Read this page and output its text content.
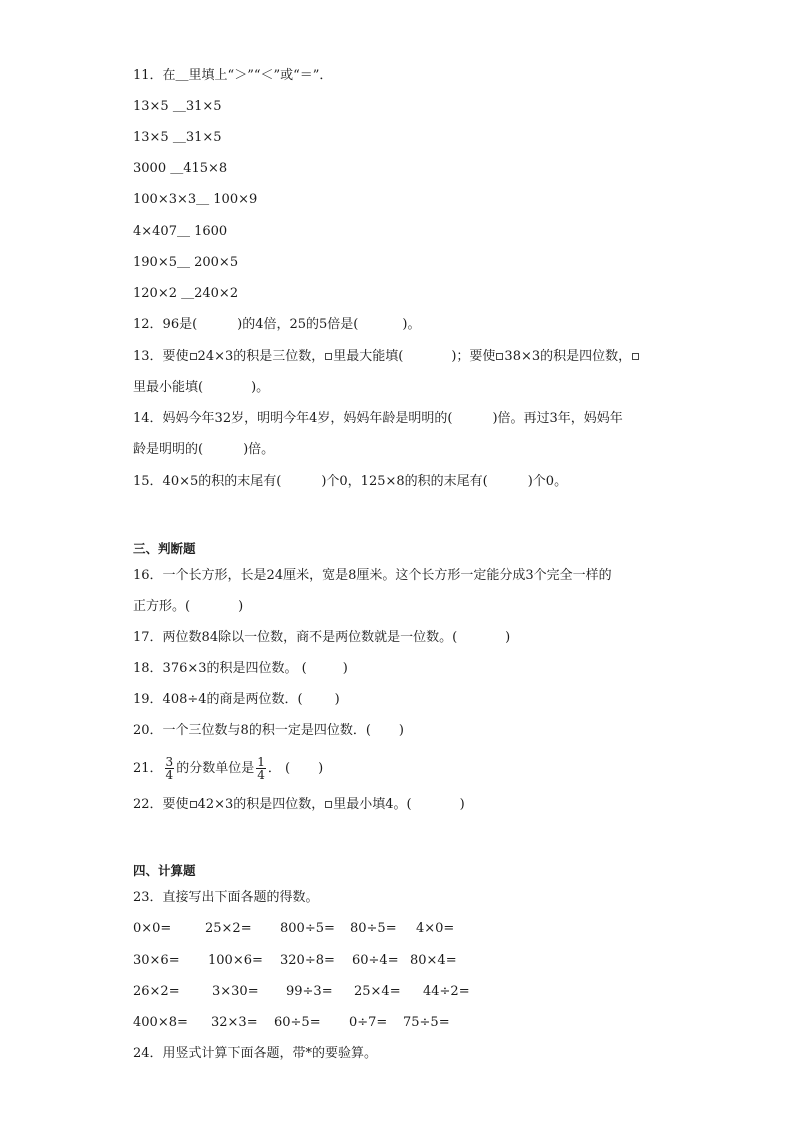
11．在＿里填上“＞”“＜”或“＝”．
13×5 ＿31×5
13×5 ＿31×5
3000 ＿415×8
100×3×3＿ 100×9
4×407＿ 1600
190×5＿ 200×5
120×2 ＿240×2
12．96是(	)的4倍，25的5倍是(	)。
13．要使 24×3的积是三位数， 里最大能填(	)；要使 38×3的积是四位数，
里最小能填(	)。
14．妈妈今年32岁，明明今年4岁，妈妈年龄是明明的(	)倍。再过3年，妈妈年
龄是明明的(	)倍。
15．40×5的积的末尾有(	)个0，125×8的积的末尾有(	)个0。
三、判断题
16．一个长方形，长是24厘米，宽是8厘米。这个长方形一定能分成3个完全一样的
正方形。(	)
17．两位数84除以一位数，商不是两位数就是一位数。(	)
18．376×3的积是四位数。 (	)
19．408÷4的商是两位数．( )
20．一个三位数与8的积一定是四位数．( )
21． $\frac{3}{4}$ 的分数单位是 $\frac{1}{4}$ ． ( )
22．要使 42×3的积是四位数， 里最小填4。(	)
四、计算题
23．直接写出下面各题的得数。
0×0=	25×2= 800÷5= 80÷5= 4×0=
30×6= 100×6= 320÷8= 60÷4= 80×4=
26×2= 3×30= 99÷3= 25×4= 44÷2=
400×8= 32×3= 60÷5= 0÷7= 75÷5=
24．用竖式计算下面各题，带*的要验算。
